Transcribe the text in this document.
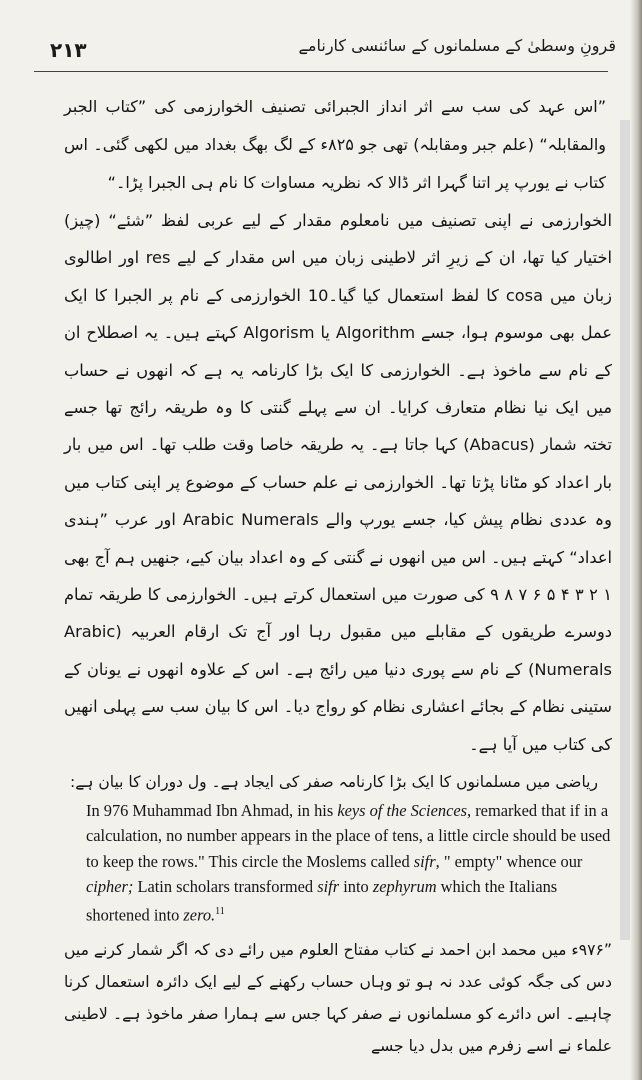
۲۱۳	قرونِ وسطیٰ کے مسلمانوں کے سائنسی کارنامے

”اس عہد کی سب سے اثر انداز الجبرائی تصنیف الخوارزمی کی ”کتاب الجبر والمقابلہ“ (علم جبر ومقابلہ) تھی جو ۸۲۵ء کے لگ بھگ بغداد میں لکھی گئی۔ اس کتاب نے یورپ پر اتنا گہرا اثر ڈالا کہ نظریہ مساوات کا نام ہی الجبرا پڑا۔“

الخوارزمی نے اپنی تصنیف میں نامعلوم مقدار کے لیے عربی لفظ ”شئے“ (چیز) اختیار کیا تھا، ان کے زیرِ اثر لاطینی زبان میں اس مقدار کے لیے res اور اطالوی زبان میں cosa کا لفظ استعمال کیا گیا۔10 الخوارزمی کے نام پر الجبرا کا ایک عمل بھی موسوم ہوا، جسے Algorithm یا Algorism کہتے ہیں۔ یہ اصطلاح ان کے نام سے ماخوذ ہے۔ الخوارزمی کا ایک بڑا کارنامہ یہ ہے کہ انھوں نے حساب میں ایک نیا نظام متعارف کرایا۔ ان سے پہلے گنتی کا وہ طریقہ رائج تھا جسے تختہ شمار (Abacus) کہا جاتا ہے۔ یہ طریقہ خاصا وقت طلب تھا۔ اس میں بار بار اعداد کو مٹانا پڑتا تھا۔ الخوارزمی نے علم حساب کے موضوع پر اپنی کتاب میں وہ عددی نظام پیش کیا، جسے یورپ والے Arabic Numerals اور عرب ”ہندی اعداد“ کہتے ہیں۔ اس میں انھوں نے گنتی کے وہ اعداد بیان کیے، جنھیں ہم آج بھی ۱ ۲ ۳ ۴ ۵ ۶ ۷ ۸ ۹ کی صورت میں استعمال کرتے ہیں۔ الخوارزمی کا طریقہ تمام دوسرے طریقوں کے مقابلے میں مقبول رہا اور آج تک ارقام العربیہ (Arabic Numerals) کے نام سے پوری دنیا میں رائج ہے۔ اس کے علاوہ انھوں نے یونان کے ستینی نظام کے بجائے اعشاری نظام کو رواج دیا۔ اس کا بیان سب سے پہلی انھیں کی کتاب میں آیا ہے۔

ریاضی میں مسلمانوں کا ایک بڑا کارنامہ صفر کی ایجاد ہے۔ ول دوران کا بیان ہے:

In 976 Muhammad Ibn Ahmad, in his keys of the Sciences, remarked that if in a calculation, no number appears in the place of tens, a little circle should be used to keep the rows." This circle the Moslems called sifr, " empty" whence our cipher; Latin scholars transformed sifr into zephyrum which the Italians shortened into zero.$^{11}$

”۹۷۶ء میں محمد ابن احمد نے کتاب مفتاح العلوم میں رائے دی کہ اگر شمار کرنے میں دس کی جگہ کوئی عدد نہ ہو تو وہاں حساب رکھنے کے لیے ایک دائرہ استعمال کرنا چاہیے۔ اس دائرے کو مسلمانوں نے صفر کہا جس سے ہمارا صفر ماخوذ ہے۔ لاطینی علماء نے اسے زفرم میں بدل دیا جسے
